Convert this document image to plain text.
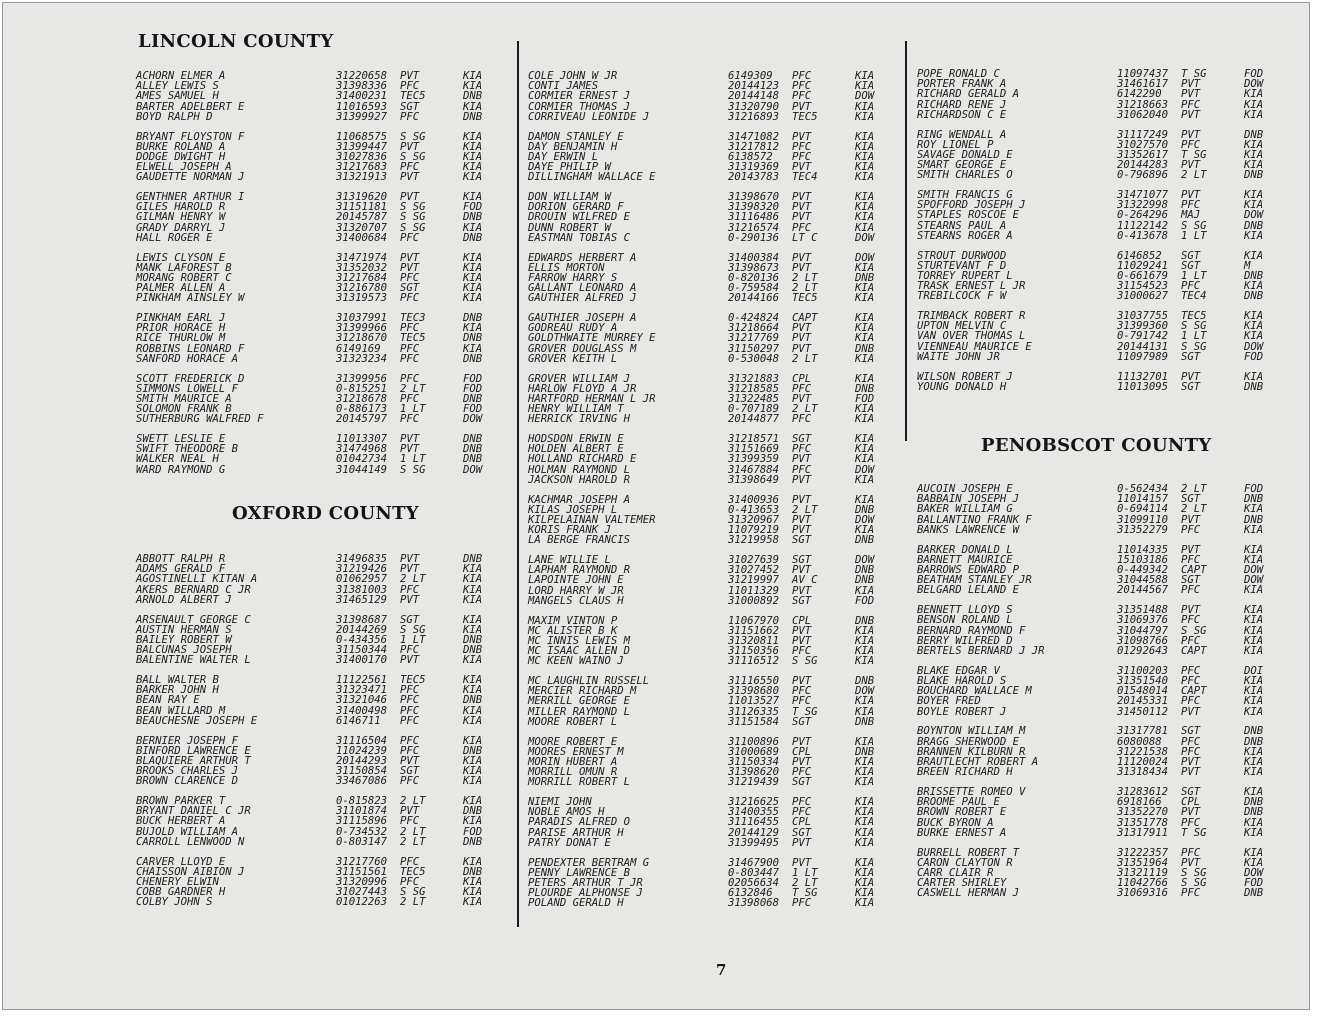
LINCOLN COUNTY
ACHORN ELMER A	31220658 PVT	KIA
ALLEY LEWIS S	31398336 PFC	KIA
AMES SAMUEL H	31400231 TEC5	DNB
BARTER ADELBERT E	11016593 SGT	KIA
BOYD RALPH D	31399927 PFC	DNB
BRYANT FLOYSTON F	11068575 S SG	KIA
BURKE ROLAND A	31399447 PVT	KIA
DODGE DWIGHT H	31027836 S SG	KIA
ELWELL JOSEPH A	31217683 PFC	KIA
GAUDETTE NORMAN J	31321913 PVT	KIA
GENTHNER ARTHUR I	31319620 PVT	KIA
GILES HAROLD R	31151181 S SG	FOD
GILMAN HENRY W	20145787 S SG	DNB
GRADY DARRYL J	31320707 S SG	KIA
HALL ROGER E	31400684 PFC	DNB
LEWIS CLYSON E	31471974 PVT	KIA
MANK LAFOREST B	31352032 PVT	KIA
MORANG ROBERT C	31217684 PFC	KIA
PALMER ALLEN A	31216780 SGT	KIA
PINKHAM AINSLEY W	31319573 PFC	KIA
PINKHAM EARL J	31037991 TEC3	DNB
PRIOR HORACE H	31399966 PFC	KIA
RICE THURLOW M	31218670 TEC5	DNB
ROBBINS LEONARD F	6149169 PFC	KIA
SANFORD HORACE A	31323234 PFC	DNB
SCOTT FREDERICK D	31399956 PFC	FOD
SIMMONS LOWELL F	0-815251 2 LT	FOD
SMITH MAURICE A	31218678 PFC	DNB
SOLOMON FRANK B	0-886173 1 LT	FOD
SUTHERBURG WALFRED F	20145797 PFC	DOW
SWETT LESLIE E	11013307 PVT	DNB
SWIFT THEODORE B	31474968 PVT	DNB
WALKER NEAL H	01042734 1 LT	DNB
WARD RAYMOND G	31044149 S SG	DOW
OXFORD COUNTY
ABBOTT RALPH R	31496835 PVT	DNB
ADAMS GERALD F	31219426 PVT	KIA
AGOSTINELLI KITAN A	01062957 2 LT	KIA
AKERS BERNARD C JR	31381003 PFC	KIA
ARNOLD ALBERT J	31465129 PVT	KIA
ARSENAULT GEORGE C	31398687 SGT	KIA
AUSTIN HERMAN S	20144269 S SG	KIA
BAILEY ROBERT W	0-434356 1 LT	DNB
BALCUNAS JOSEPH	31150344 PFC	DNB
BALENTINE WALTER L	31400170 PVT	KIA
BALL WALTER B	11122561 TEC5	KIA
BARKER JOHN H	31323471 PFC	KIA
BEAN RAY E	31321046 PFC	DNB
BEAN WILLARD M	31400498 PFC	KIA
BEAUCHESNE JOSEPH E	6146711 PFC	KIA
BERNIER JOSEPH F	31116504 PFC	KIA
BINFORD LAWRENCE E	11024239 PFC	DNB
BLAQUIERE ARTHUR T	20144293 PVT	KIA
BROOKS CHARLES J	31150854 SGT	KIA
BROWN CLARENCE D	33467086 PFC	KIA
BROWN PARKER T	0-815823 2 LT	KIA
BRYANT DANIEL C JR	31101874 PVT	DNB
BUCK HERBERT A	31115896 PFC	KIA
BUJOLD WILLIAM A	0-734532 2 LT	FOD
CARROLL LENWOOD N	0-803147 2 LT	DNB
CARVER LLOYD E	31217760 PFC	KIA
CHAISSON AIBION J	31151561 TEC5	DNB
CHENERY ELWIN	31320996 PFC	KIA
COBB GARDNER H	31027443 S SG	KIA
COLBY JOHN S	01012263 2 LT	KIA
COLE JOHN W JR	6149309 PFC	KIA
CONTI JAMES	20144123 PFC	KIA
CORMIER ERNEST J	20144148 PFC	DOW
CORMIER THOMAS J	31320790 PVT	KIA
CORRIVEAU LEONIDE J	31216893 TEC5	KIA
DAMON STANLEY E	31471082 PVT	KIA
DAY BENJAMIN H	31217812 PFC	KIA
DAY ERWIN L	6138572 PFC	KIA
DAYE PHILIP W	31319369 PVT	KIA
DILLINGHAM WALLACE E	20143783 TEC4	KIA
DON WILLIAM W	31398670 PVT	KIA
DORION GERARD F	31398320 PVT	KIA
DROUIN WILFRED E	31116486 PVT	KIA
DUNN ROBERT W	31216574 PFC	KIA
EASTMAN TOBIAS C	0-290136 LT C	DOW
EDWARDS HERBERT A	31400384 PVT	DOW
ELLIS MORTON	31398673 PVT	KIA
FARROW HARRY S	0-820136 2 LT	DNB
GALLANT LEONARD A	0-759584 2 LT	KIA
GAUTHIER ALFRED J	20144166 TEC5	KIA
GAUTHIER JOSEPH A	0-424824 CAPT	KIA
GODREAU RUDY A	31218664 PVT	KIA
GOLDTHWAITE MURREY E	31217769 PVT	KIA
GROVER DOUGLASS M	31150297 PVT	DNB
GROVER KEITH L	0-530048 2 LT	KIA
GROVER WILLIAM J	31321883 CPL	KIA
HARLOW FLOYD A JR	31218585 PFC	DNB
HARTFORD HERMAN L JR	31322485 PVT	FOD
HENRY WILLIAM T	0-707189 2 LT	KIA
HERRICK IRVING H	20144877 PFC	KIA
HODSDON ERWIN E	31218571 SGT	KIA
HOLDEN ALBERT E	31151669 PFC	KIA
HOLLAND RICHARD E	31399359 PVT	KIA
HOLMAN RAYMOND L	31467884 PFC	DOW
JACKSON HAROLD R	31398649 PVT	KIA
KACHMAR JOSEPH A	31400936 PVT	KIA
KILAS JOSEPH L	0-413653 2 LT	DNB
KILPELAINAN VALTEMER	31320967 PVT	DOW
KORIS FRANK J	11079219 PVT	KIA
LA BERGE FRANCIS	31219958 SGT	DNB
LANE WILLIE L	31027639 SGT	DOW
LAPHAM RAYMOND R	31027452 PVT	DNB
LAPOINTE JOHN E	31219997 AV C	DNB
LORD HARRY W JR	11011329 PVT	KIA
MANGELS CLAUS H	31000892 SGT	FOD
MAXIM VINTON P	11067970 CPL	DNB
MC ALISTER B K	31151662 PVT	KIA
MC INNIS LEWIS M	31320811 PVT	KIA
MC ISAAC ALLEN D	31150356 PFC	KIA
MC KEEN WAINO J	31116512 S SG	KIA
MC LAUGHLIN RUSSELL	31116550 PVT	DNB
MERCIER RICHARD M	31398680 PFC	DOW
MERRILL GEORGE E	11013527 PFC	KIA
MILLER RAYMOND L	31126335 T SG	KIA
MOORE ROBERT L	31151584 SGT	DNB
MOORE ROBERT E	31100896 PVT	KIA
MOORES ERNEST M	31000689 CPL	DNB
MORIN HUBERT A	31150334 PVT	KIA
MORRILL OMUN R	31398620 PFC	KIA
MORRILL ROBERT L	31219439 SGT	KIA
NIEMI JOHN	31216625 PFC	KIA
NOBLE AMOS H	31400355 PFC	KIA
PARADIS ALFRED O	31116455 CPL	KIA
PARISE ARTHUR H	20144129 SGT	KIA
PATRY DONAT E	31399495 PVT	KIA
PENDEXTER BERTRAM G	31467900 PVT	KIA
PENNY LAWRENCE B	0-803447 1 LT	KIA
PETERS ARTHUR T JR	02056634 2 LT	KIA
PLOURDE ALPHONSE J	6132846 T SG	KIA
POLAND GERALD H	31398068 PFC	KIA
POPE RONALD C	11097437 T SG	FOD
PORTER FRANK A	31461617 PVT	DOW
RICHARD GERALD A	6142290 PVT	KIA
RICHARD RENE J	31218663 PFC	KIA
RICHARDSON C E	31062040 PVT	KIA
RING WENDALL A	31117249 PVT	DNB
ROY LIONEL P	31027570 PFC	KIA
SAVAGE DONALD E	31352617 T SG	KIA
SMART GEORGE E	20144283 PVT	KIA
SMITH CHARLES O	0-796896 2 LT	DNB
SMITH FRANCIS G	31471077 PVT	KIA
SPOFFORD JOSEPH J	31322998 PFC	KIA
STAPLES ROSCOE E	0-264296 MAJ	DOW
STEARNS PAUL A	11122142 S SG	DNB
STEARNS ROGER A	0-413678 1 LT	KIA
STROUT DURWOOD	6146852 SGT	KIA
STURTEVANT F D	11029241 SGT	M
TORREY RUPERT L	0-661679 1 LT	DNB
TRASK ERNEST L JR	31154523 PFC	KIA
TREBILCOCK F W	31000627 TEC4	DNB
TRIMBACK ROBERT R	31037755 TEC5	KIA
UPTON MELVIN C	31399360 S SG	KIA
VAN OVER THOMAS L	0-791742 1 LT	KIA
VIENNEAU MAURICE E	20144131 S SG	DOW
WAITE JOHN JR	11097989 SGT	FOD
WILSON ROBERT J	11132701 PVT	KIA
YOUNG DONALD H	11013095 SGT	DNB
PENOBSCOT COUNTY
AUCOIN JOSEPH E	0-562434 2 LT	FOD
BABBAIN JOSEPH J	11014157 SGT	DNB
BAKER WILLIAM G	0-694114 2 LT	KIA
BALLANTINO FRANK F	31099110 PVT	DNB
BANKS LAWRENCE W	31352279 PFC	KIA
BARKER DONALD L	11014335 PVT	KIA
BARNETT MAURICE	15103186 PFC	KIA
BARROWS EDWARD P	0-449342 CAPT	DOW
BEATHAM STANLEY JR	31044588 SGT	DOW
BELGARD LELAND E	20144567 PFC	KIA
BENNETT LLOYD S	31351488 PVT	KIA
BENSON ROLAND L	31069376 PFC	KIA
BERNARD RAYMOND F	31044797 S SG	KIA
BERRY WILFRED D	31098766 PFC	KIA
BERTELS BERNARD J JR	01292643 CAPT	KIA
BLAKE EDGAR V	31100203 PFC	DOI
BLAKE HAROLD S	31351540 PFC	KIA
BOUCHARD WALLACE M	01548014 CAPT	KIA
BOYER FRED	20145331 PFC	KIA
BOYLE ROBERT J	31450112 PVT	KIA
BOYNTON WILLIAM M	31317781 SGT	DNB
BRAGG SHERWOOD E	6080088 PFC	DNB
BRANNEN KILBURN R	31221538 PFC	KIA
BRAUTLECHT ROBERT A	11120024 PVT	KIA
BREEN RICHARD H	31318434 PVT	KIA
BRISSETTE ROMEO V	31283612 SGT	KIA
BROOME PAUL E	6918166 CPL	DNB
BROWN ROBERT E	31352270 PVT	DNB
BUCK BYRON A	31351778 PFC	KIA
BURKE ERNEST A	31317911 T SG	KIA
BURRELL ROBERT T	31222357 PFC	KIA
CARON CLAYTON R	31351964 PVT	KIA
CARR CLAIR R	31321119 S SG	DOW
CARTER SHIRLEY	11042766 S SG	FOD
CASWELL HERMAN J	31069316 PFC	DNB
7
